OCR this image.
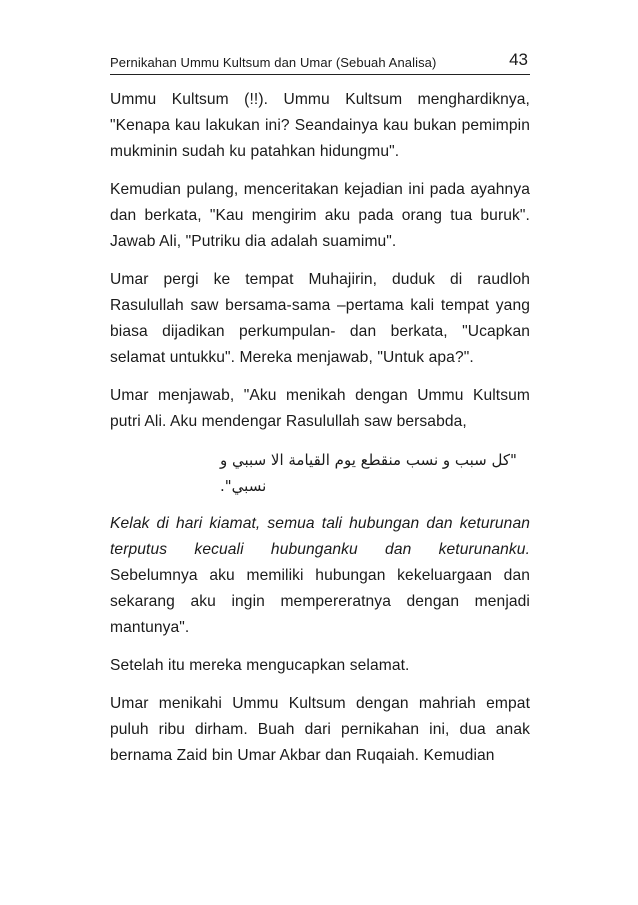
Pernikahan Ummu Kultsum dan Umar (Sebuah Analisa)	43

Ummu Kultsum (!!). Ummu Kultsum menghardiknya, "Kenapa kau lakukan ini? Seandainya kau bukan pemimpin mukminin sudah ku patahkan hidungmu".

Kemudian pulang, menceritakan kejadian ini pada ayahnya dan berkata, "Kau mengirim aku pada orang tua buruk". Jawab Ali, "Putriku dia adalah suamimu".

Umar pergi ke tempat Muhajirin, duduk di raudloh Rasulullah saw bersama-sama –pertama kali tempat yang biasa dijadikan perkumpulan- dan berkata, "Ucapkan selamat untukku". Mereka menjawab, "Untuk apa?".

Umar menjawab, "Aku menikah dengan Ummu Kultsum putri Ali. Aku mendengar Rasulullah saw bersabda,

"كل سبب و نسب منقطع يوم القيامة الا سببي و نسبي".

Kelak di hari kiamat, semua tali hubungan dan keturunan terputus kecuali hubunganku dan keturunanku. Sebelumnya aku memiliki hubungan kekeluargaan dan sekarang aku ingin mempereratnya dengan menjadi mantunya".

Setelah itu mereka mengucapkan selamat.

Umar menikahi Ummu Kultsum dengan mahriah empat puluh ribu dirham. Buah dari pernikahan ini, dua anak bernama Zaid bin Umar Akbar dan Ruqaiah. Kemudian
